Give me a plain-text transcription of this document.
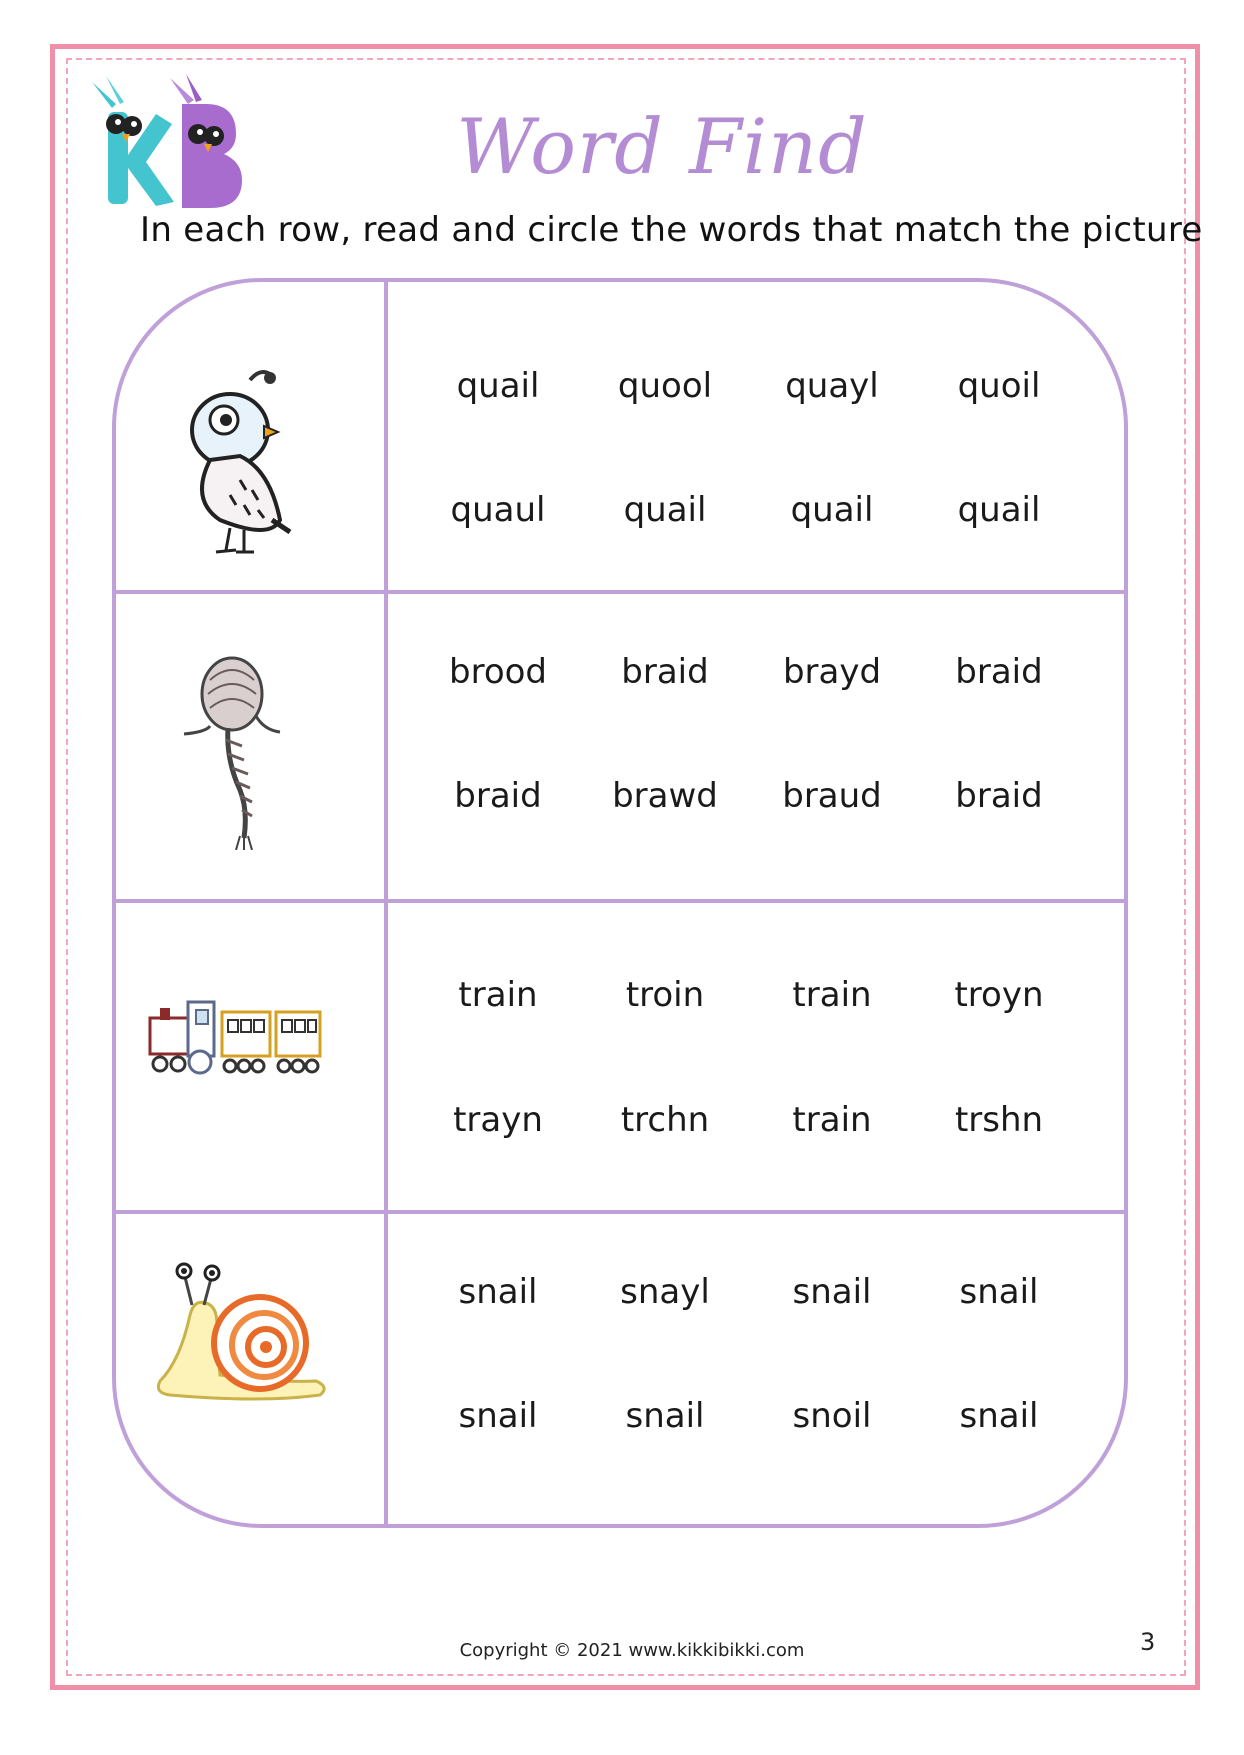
Word Find
In each row, read and circle the words that match the picture
quail	quool	quayl	quoil
quaul	quail	quail	quail
brood	braid	brayd	braid
braid	brawd	braud	braid
train	troin	train	troyn
trayn	trchn	train	trshn
snail	snayl	snail	snail
snail	snail	snoil	snail
Copyright © 2021 www.kikkibikki.com	3
